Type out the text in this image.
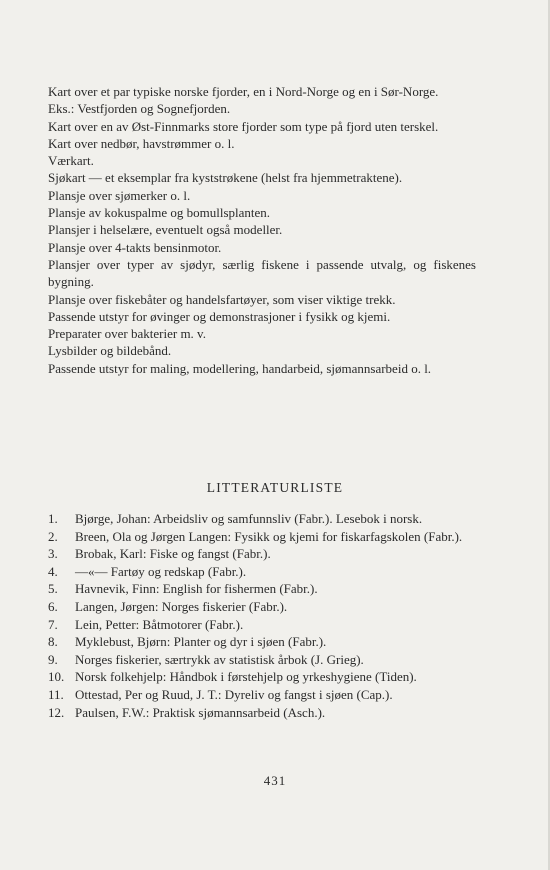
Kart over et par typiske norske fjorder, en i Nord-Norge og en i Sør-Norge.

Eks.: Vestfjorden og Sognefjorden.

Kart over en av Øst-Finnmarks store fjorder som type på fjord uten terskel.

Kart over nedbør, havstrømmer o. l.

Værkart.

Sjøkart — et eksemplar fra kyststrøkene (helst fra hjemmetraktene).

Plansje over sjømerker o. l.

Plansje av kokuspalme og bomullsplanten.

Plansjer i helselære, eventuelt også modeller.

Plansje over 4-takts bensinmotor.

Plansjer over typer av sjødyr, særlig fiskene i passende utvalg, og fiskenes bygning.

Plansje over fiskebåter og handelsfartøyer, som viser viktige trekk.

Passende utstyr for øvinger og demonstrasjoner i fysikk og kjemi.

Preparater over bakterier m. v.

Lysbilder og bildebånd.

Passende utstyr for maling, modellering, handarbeid, sjømannsarbeid o. l.

LITTERATURLISTE
1.	Bjørge, Johan: Arbeidsliv og samfunnsliv (Fabr.). Lesebok i norsk.
2.	Breen, Ola og Jørgen Langen: Fysikk og kjemi for fiskarfagskolen (Fabr.).
3.	Brobak, Karl: Fiske og fangst (Fabr.).
4.	—«— Fartøy og redskap (Fabr.).
5.	Havnevik, Finn: English for fishermen (Fabr.).
6.	Langen, Jørgen: Norges fiskerier (Fabr.).
7.	Lein, Petter: Båtmotorer (Fabr.).
8.	Myklebust, Bjørn: Planter og dyr i sjøen (Fabr.).
9.	Norges fiskerier, særtrykk av statistisk årbok (J. Grieg).
10. Norsk folkehjelp: Håndbok i førstehjelp og yrkeshygiene (Tiden).
11. Ottestad, Per og Ruud, J. T.: Dyreliv og fangst i sjøen (Cap.).
12. Paulsen, F.W.: Praktisk sjømannsarbeid (Asch.).
431
